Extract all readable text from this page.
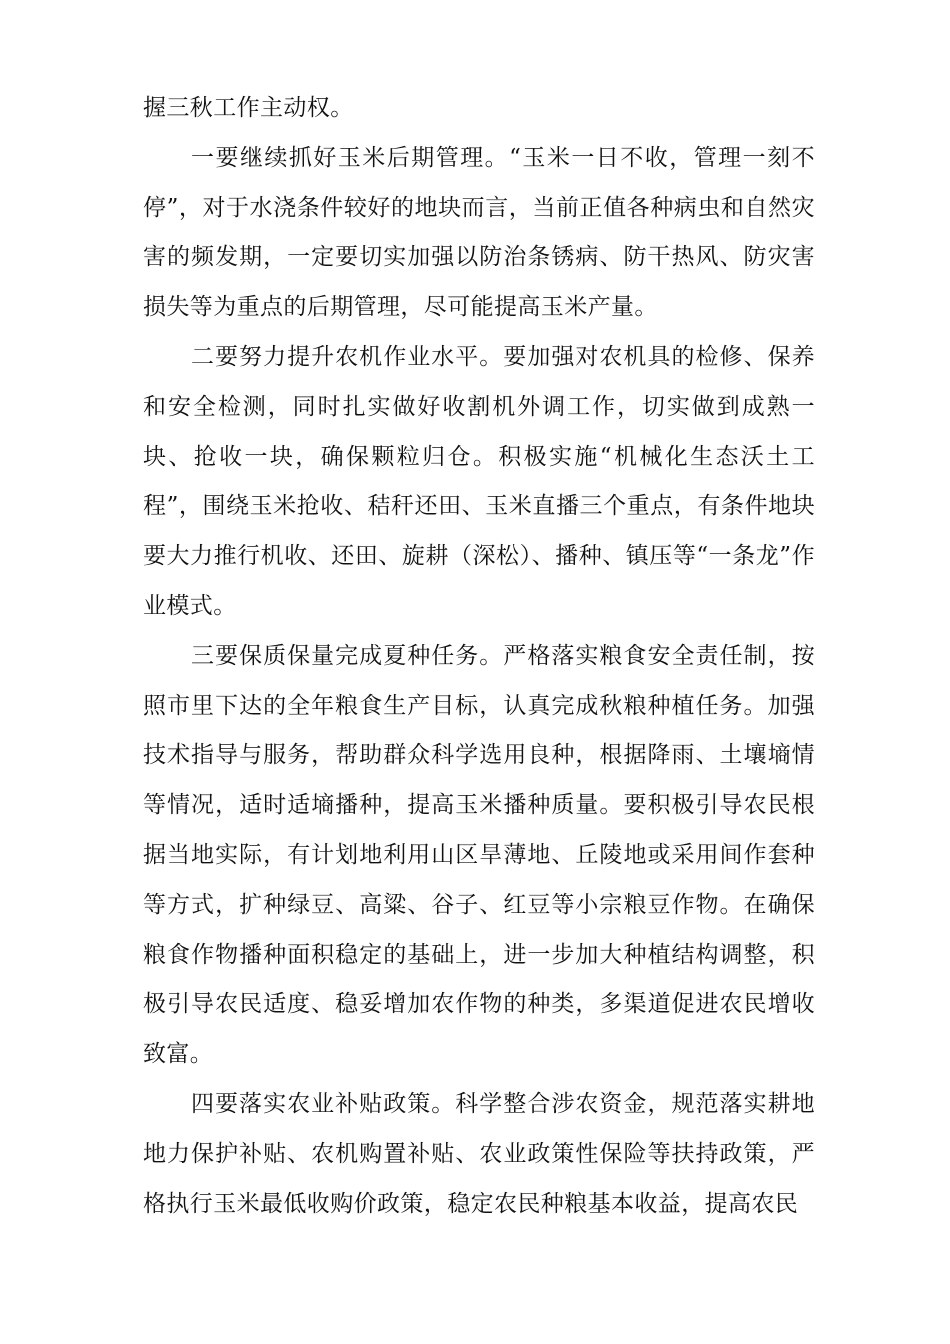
握三秋工作主动权。

一要继续抓好玉米后期管理。“玉米一日不收，管理一刻不停”，对于水浇条件较好的地块而言，当前正值各种病虫和自然灾害的频发期，一定要切实加强以防治条锈病、防干热风、防灾害损失等为重点的后期管理，尽可能提高玉米产量。

二要努力提升农机作业水平。要加强对农机具的检修、保养和安全检测，同时扎实做好收割机外调工作，切实做到成熟一块、抢收一块，确保颗粒归仓。积极实施“机械化生态沃土工程”，围绕玉米抢收、秸秆还田、玉米直播三个重点，有条件地块要大力推行机收、还田、旋耕（深松）、播种、镇压等“一条龙”作业模式。

三要保质保量完成夏种任务。严格落实粮食安全责任制，按照市里下达的全年粮食生产目标，认真完成秋粮种植任务。加强技术指导与服务，帮助群众科学选用良种，根据降雨、土壤墒情等情况，适时适墒播种，提高玉米播种质量。要积极引导农民根据当地实际，有计划地利用山区旱薄地、丘陵地或采用间作套种等方式，扩种绿豆、高粱、谷子、红豆等小宗粮豆作物。在确保粮食作物播种面积稳定的基础上，进一步加大种植结构调整，积极引导农民适度、稳妥增加农作物的种类，多渠道促进农民增收致富。

四要落实农业补贴政策。科学整合涉农资金，规范落实耕地地力保护补贴、农机购置补贴、农业政策性保险等扶持政策，严格执行玉米最低收购价政策，稳定农民种粮基本收益，提高农民
